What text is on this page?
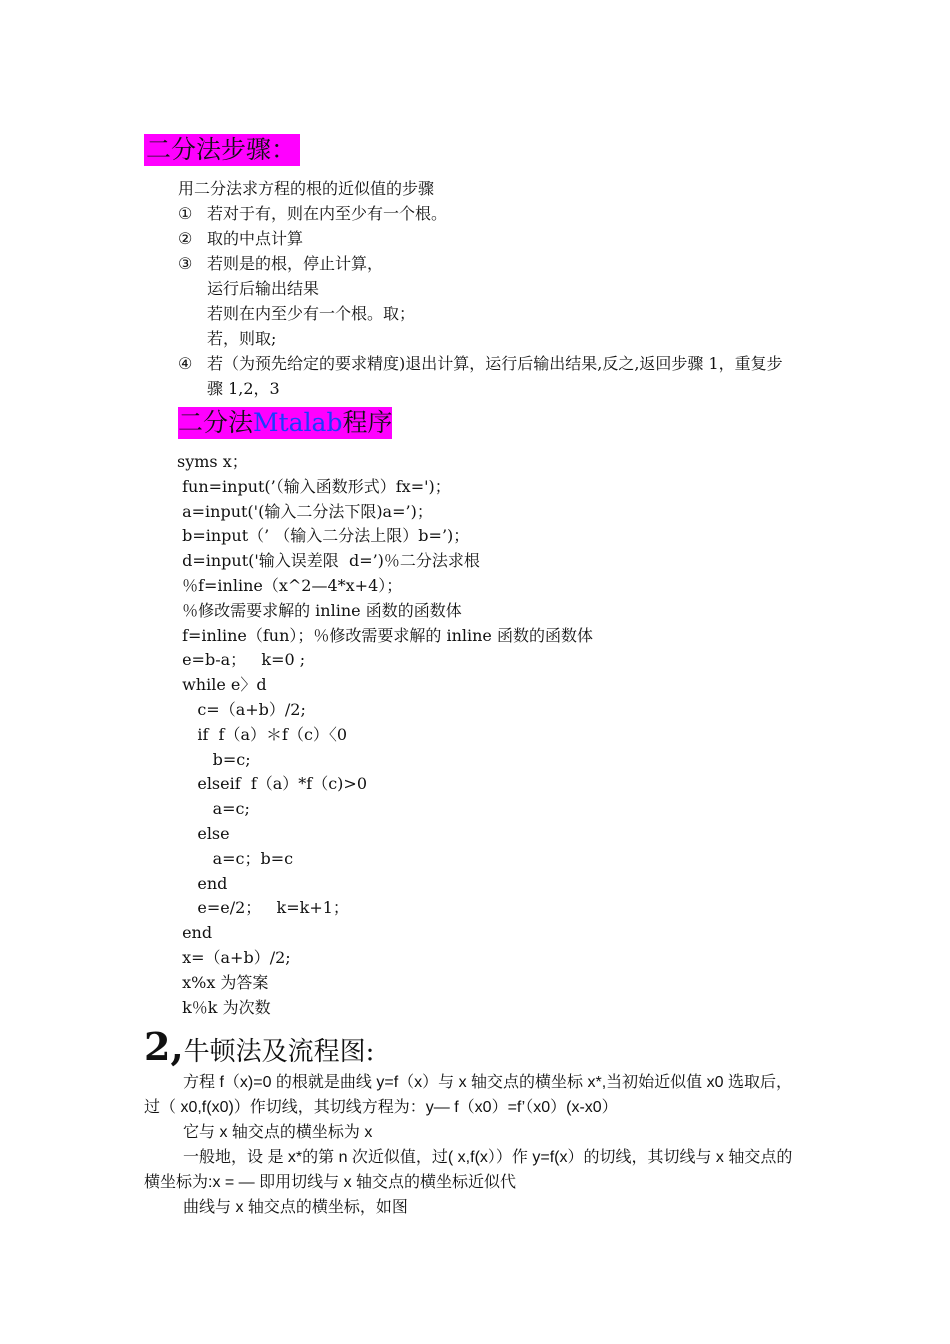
二分法步骤：

用二分法求方程的根的近似值的步骤

① 若对于有，则在内至少有一个根。
② 取的中点计算
③ 若则是的根，停止计算，
运行后输出结果
若则在内至少有一个根。取；
若，则取;
④ 若（为预先给定的要求精度)退出计算，运行后输出结果,反之,返回步骤 1，重复步
骤 1,2，3
二分法Mtalab程序
syms x；
fun=input(’（输入函数形式）fx=')；
a=input('(输入二分法下限)a=’)；
b=input（’ （输入二分法上限）b=’)；
d=input('输入误差限  d=’)％二分法求根
％f=inline（x^2—4*x+4）；
％修改需要求解的 inline 函数的函数体
f=inline（fun）；％修改需要求解的 inline 函数的函数体
e=b-a；   k=0 ;
while e〉d
c=（a+b）/2;
if  f（a）＊f（c）〈0
b=c;
elseif  f（a）*f（c)>0
a=c;
else
a=c；b=c
end
e=e/2；   k=k+1；
end
x=（a+b）/2;
x%x 为答案
k％k 为次数
2,牛顿法及流程图:

方程 f（x)=0 的根就是曲线 y=f（x）与 x 轴交点的横坐标 x*,当初始近似值 x0 选取后，过（ x0,f(x0)）作切线，其切线方程为：y— f（x0）=f’（x0）(x-x0）

它与 x 轴交点的横坐标为 x

一般地，设 是 x*的第 n 次近似值，过( x,f(x））作 y=f(x）的切线，其切线与 x 轴交点的横坐标为:x = — 即用切线与 x 轴交点的横坐标近似代

曲线与 x 轴交点的横坐标，如图
